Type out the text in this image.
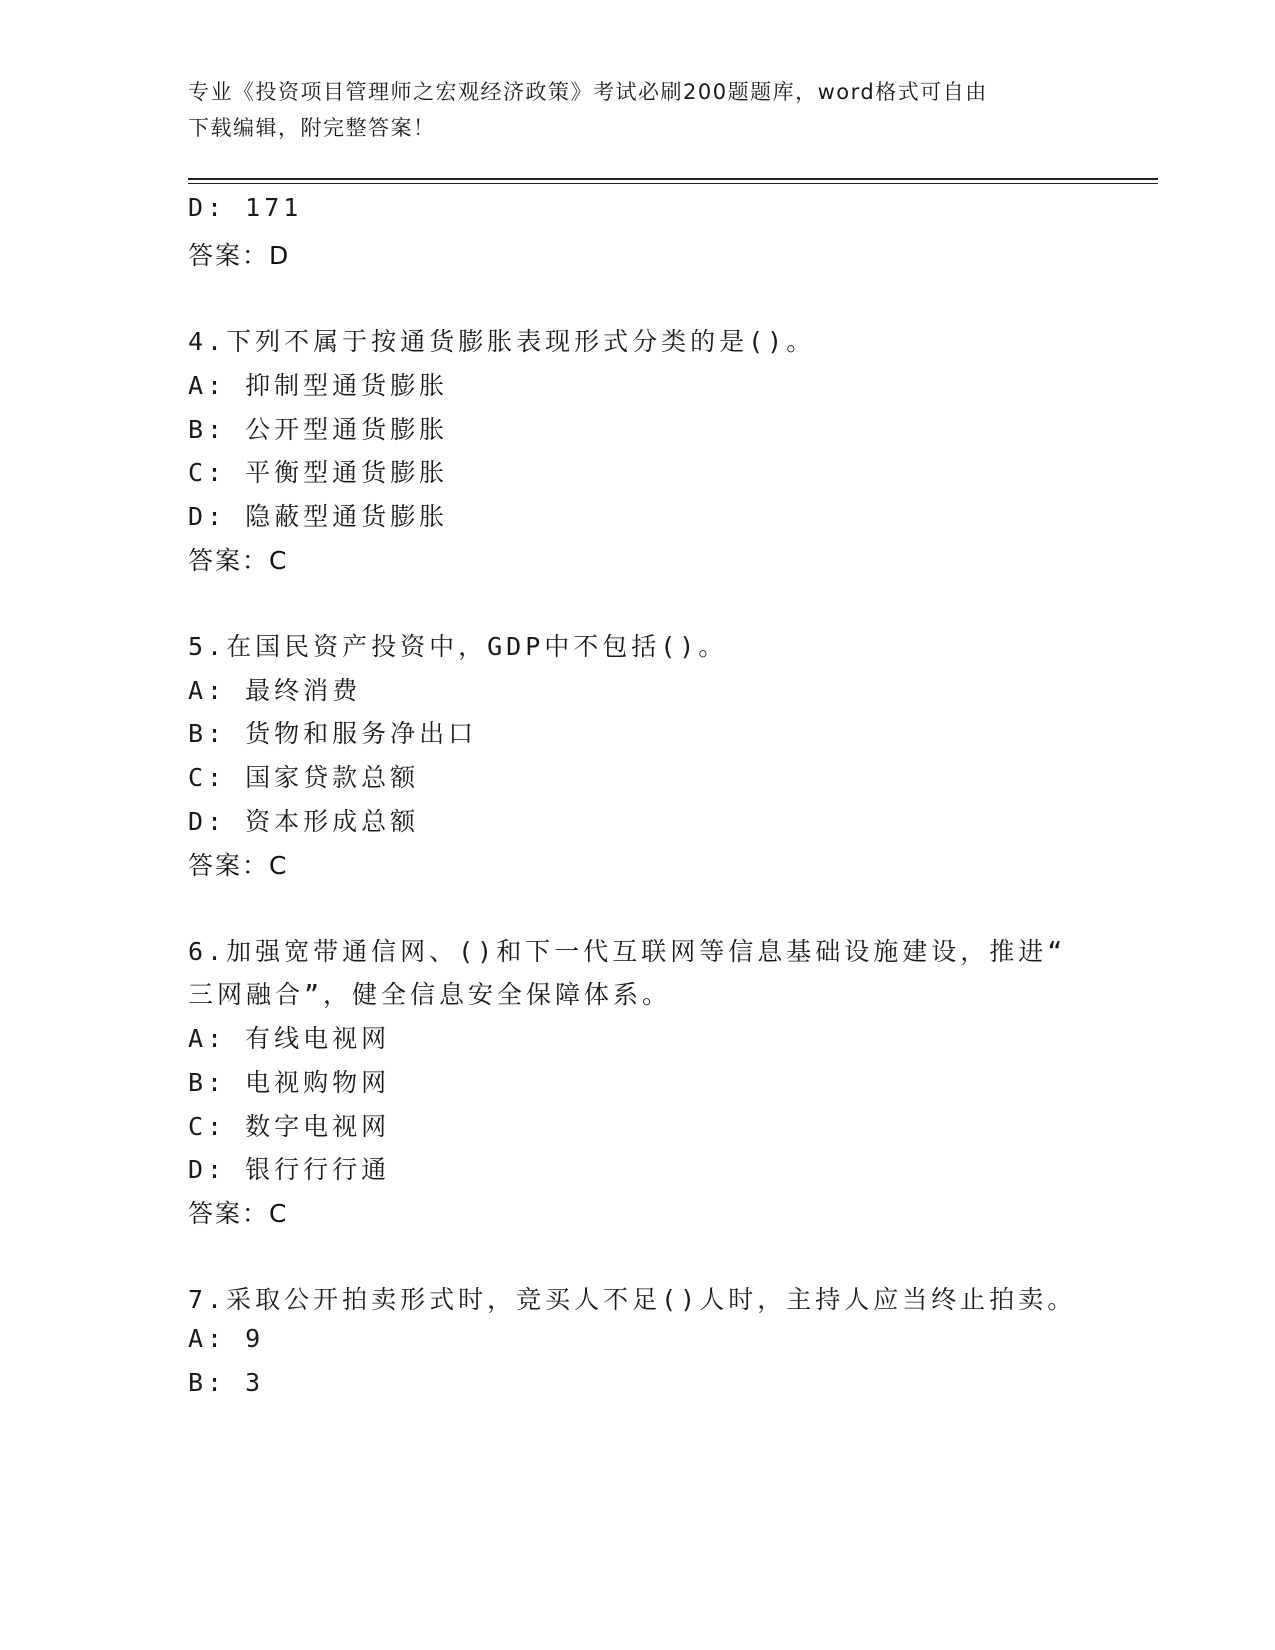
专业《投资项目管理师之宏观经济政策》考试必刷200题题库，word格式可自由
下载编辑，附完整答案！
D: 171
答案：D
4.下列不属于按通货膨胀表现形式分类的是()。
A: 抑制型通货膨胀
B: 公开型通货膨胀
C: 平衡型通货膨胀
D: 隐蔽型通货膨胀
答案：C
5.在国民资产投资中，GDP中不包括()。
A: 最终消费
B: 货物和服务净出口
C: 国家贷款总额
D: 资本形成总额
答案：C
6.加强宽带通信网、()和下一代互联网等信息基础设施建设，推进“
三网融合”，健全信息安全保障体系。
A: 有线电视网
B: 电视购物网
C: 数字电视网
D: 银行行行通
答案：C
7.采取公开拍卖形式时，竞买人不足()人时，主持人应当终止拍卖。
A: 9
B: 3
